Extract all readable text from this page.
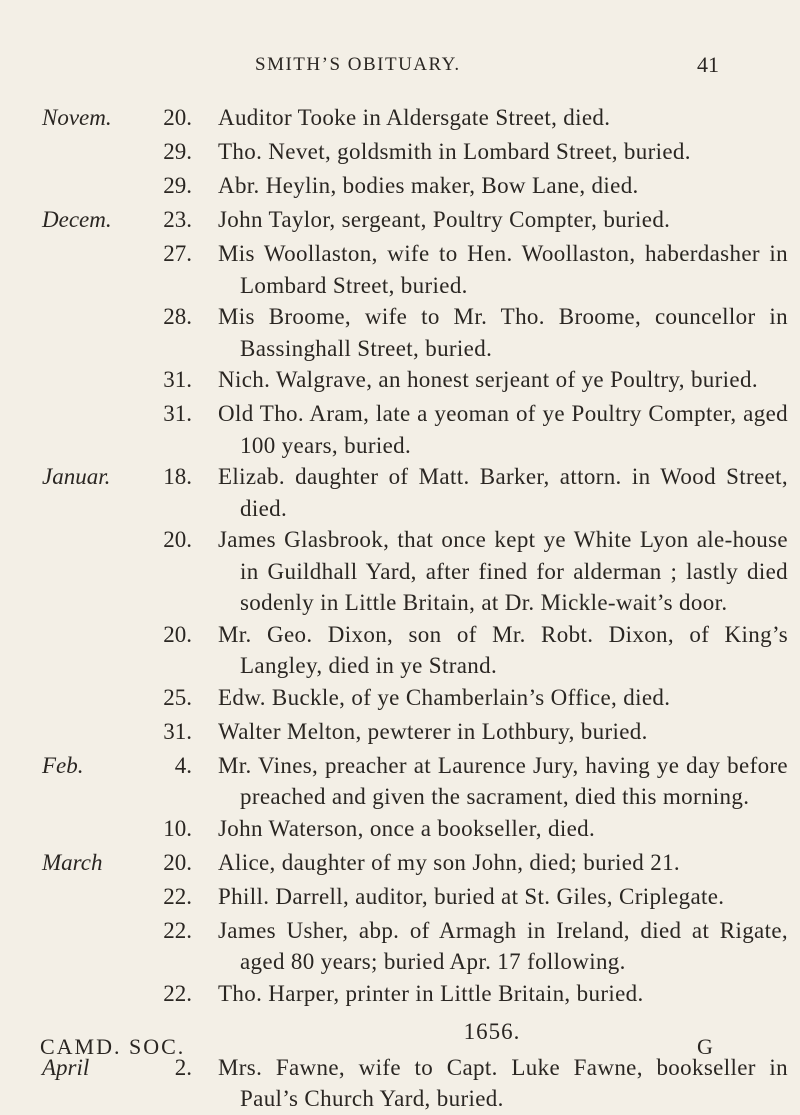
SMITH’S OBITUARY.	41
Novem.	20. Auditor Tooke in Aldersgate Street, died.
29. Tho. Nevet, goldsmith in Lombard Street, buried.
29. Abr. Heylin, bodies maker, Bow Lane, died.
Decem.	23. John Taylor, sergeant, Poultry Compter, buried.
27. Mis Woollaston, wife to Hen. Woollaston, haberdasher in Lombard Street, buried.
28. Mis Broome, wife to Mr. Tho. Broome, councellor in Bassinghall Street, buried.
31. Nich. Walgrave, an honest serjeant of ye Poultry, buried.
31. Old Tho. Aram, late a yeoman of ye Poultry Compter, aged 100 years, buried.
Januar.	18. Elizab. daughter of Matt. Barker, attorn. in Wood Street, died.
20. James Glasbrook, that once kept ye White Lyon ale-house in Guildhall Yard, after fined for alderman ; lastly died sodenly in Little Britain, at Dr. Mickle-wait’s door.
20. Mr. Geo. Dixon, son of Mr. Robt. Dixon, of King’s Langley, died in ye Strand.
25. Edw. Buckle, of ye Chamberlain’s Office, died.
31. Walter Melton, pewterer in Lothbury, buried.
Feb.	4. Mr. Vines, preacher at Laurence Jury, having ye day before preached and given the sacrament, died this morning.
10. John Waterson, once a bookseller, died.
March	20. Alice, daughter of my son John, died; buried 21.
22. Phill. Darrell, auditor, buried at St. Giles, Criplegate.
22. James Usher, abp. of Armagh in Ireland, died at Rigate, aged 80 years; buried Apr. 17 following.
22. Tho. Harper, printer in Little Britain, buried.
1656.
April	2. Mrs. Fawne, wife to Capt. Luke Fawne, bookseller in Paul’s Church Yard, buried.
CAMD. SOC.	G
